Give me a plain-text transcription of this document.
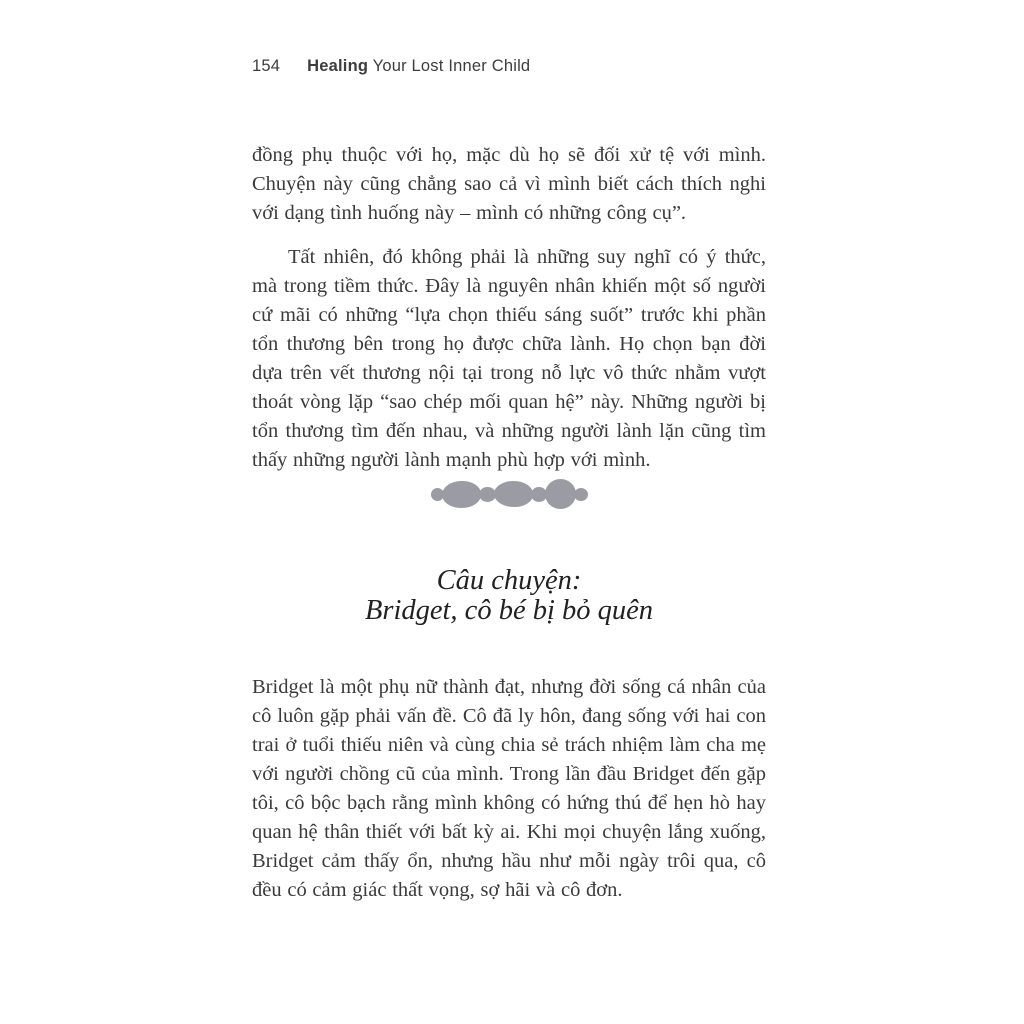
154 Healing Your Lost Inner Child

đồng phụ thuộc với họ, mặc dù họ sẽ đối xử tệ với mình. Chuyện này cũng chẳng sao cả vì mình biết cách thích nghi với dạng tình huống này – mình có những công cụ”.

Tất nhiên, đó không phải là những suy nghĩ có ý thức, mà trong tiềm thức. Đây là nguyên nhân khiến một số người cứ mãi có những “lựa chọn thiếu sáng suốt” trước khi phần tổn thương bên trong họ được chữa lành. Họ chọn bạn đời dựa trên vết thương nội tại trong nỗ lực vô thức nhằm vượt thoát vòng lặp “sao chép mối quan hệ” này. Những người bị tổn thương tìm đến nhau, và những người lành lặn cũng tìm thấy những người lành mạnh phù hợp với mình.

Câu chuyện:
Bridget, cô bé bị bỏ quên

Bridget là một phụ nữ thành đạt, nhưng đời sống cá nhân của cô luôn gặp phải vấn đề. Cô đã ly hôn, đang sống với hai con trai ở tuổi thiếu niên và cùng chia sẻ trách nhiệm làm cha mẹ với người chồng cũ của mình. Trong lần đầu Bridget đến gặp tôi, cô bộc bạch rằng mình không có hứng thú để hẹn hò hay quan hệ thân thiết với bất kỳ ai. Khi mọi chuyện lắng xuống, Bridget cảm thấy ổn, nhưng hầu như mỗi ngày trôi qua, cô đều có cảm giác thất vọng, sợ hãi và cô đơn.
